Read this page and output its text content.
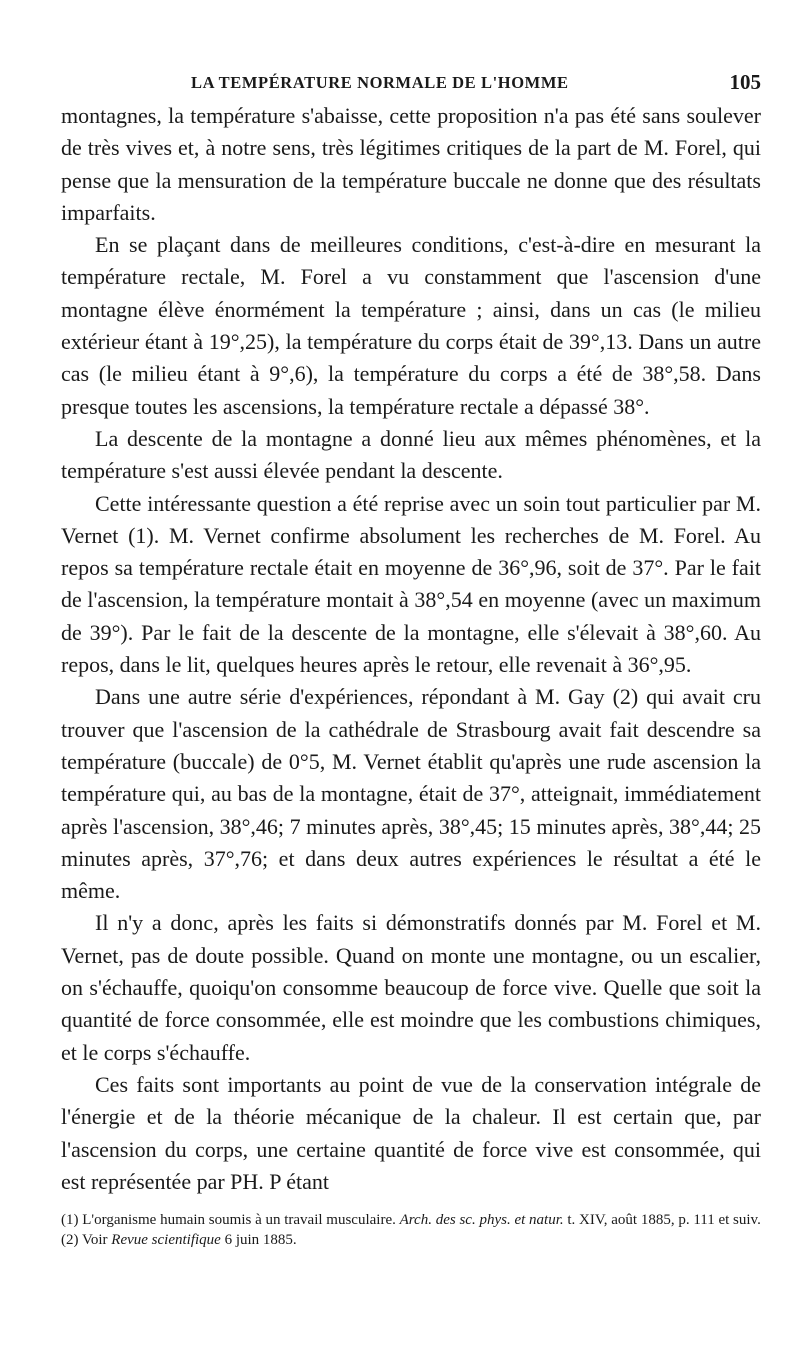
LA TEMPÉRATURE NORMALE DE L'HOMME	105

montagnes, la température s'abaisse, cette proposition n'a pas été sans soulever de très vives et, à notre sens, très légitimes critiques de la part de M. Forel, qui pense que la mensuration de la température buccale ne donne que des résultats imparfaits.

En se plaçant dans de meilleures conditions, c'est-à-dire en mesurant la température rectale, M. Forel a vu constamment que l'ascension d'une montagne élève énormément la température ; ainsi, dans un cas (le milieu extérieur étant à 19°,25), la température du corps était de 39°,13. Dans un autre cas (le milieu étant à 9°,6), la température du corps a été de 38°,58. Dans presque toutes les ascensions, la température rectale a dépassé 38°.

La descente de la montagne a donné lieu aux mêmes phénomènes, et la température s'est aussi élevée pendant la descente.

Cette intéressante question a été reprise avec un soin tout particulier par M. Vernet (1). M. Vernet confirme absolument les recherches de M. Forel. Au repos sa température rectale était en moyenne de 36°,96, soit de 37°. Par le fait de l'ascension, la température montait à 38°,54 en moyenne (avec un maximum de 39°). Par le fait de la descente de la montagne, elle s'élevait à 38°,60. Au repos, dans le lit, quelques heures après le retour, elle revenait à 36°,95.

Dans une autre série d'expériences, répondant à M. Gay (2) qui avait cru trouver que l'ascension de la cathédrale de Strasbourg avait fait descendre sa température (buccale) de 0°5, M. Vernet établit qu'après une rude ascension la température qui, au bas de la montagne, était de 37°, atteignait, immédiatement après l'ascension, 38°,46; 7 minutes après, 38°,45; 15 minutes après, 38°,44; 25 minutes après, 37°,76; et dans deux autres expériences le résultat a été le même.

Il n'y a donc, après les faits si démonstratifs donnés par M. Forel et M. Vernet, pas de doute possible. Quand on monte une montagne, ou un escalier, on s'échauffe, quoiqu'on consomme beaucoup de force vive. Quelle que soit la quantité de force consommée, elle est moindre que les combustions chimiques, et le corps s'échauffe.

Ces faits sont importants au point de vue de la conservation intégrale de l'énergie et de la théorie mécanique de la chaleur. Il est certain que, par l'ascension du corps, une certaine quantité de force vive est consommée, qui est représentée par PH. P étant

(1) L'organisme humain soumis à un travail musculaire. Arch. des sc. phys. et natur. t. XIV, août 1885, p. 111 et suiv.

(2) Voir Revue scientifique 6 juin 1885.
